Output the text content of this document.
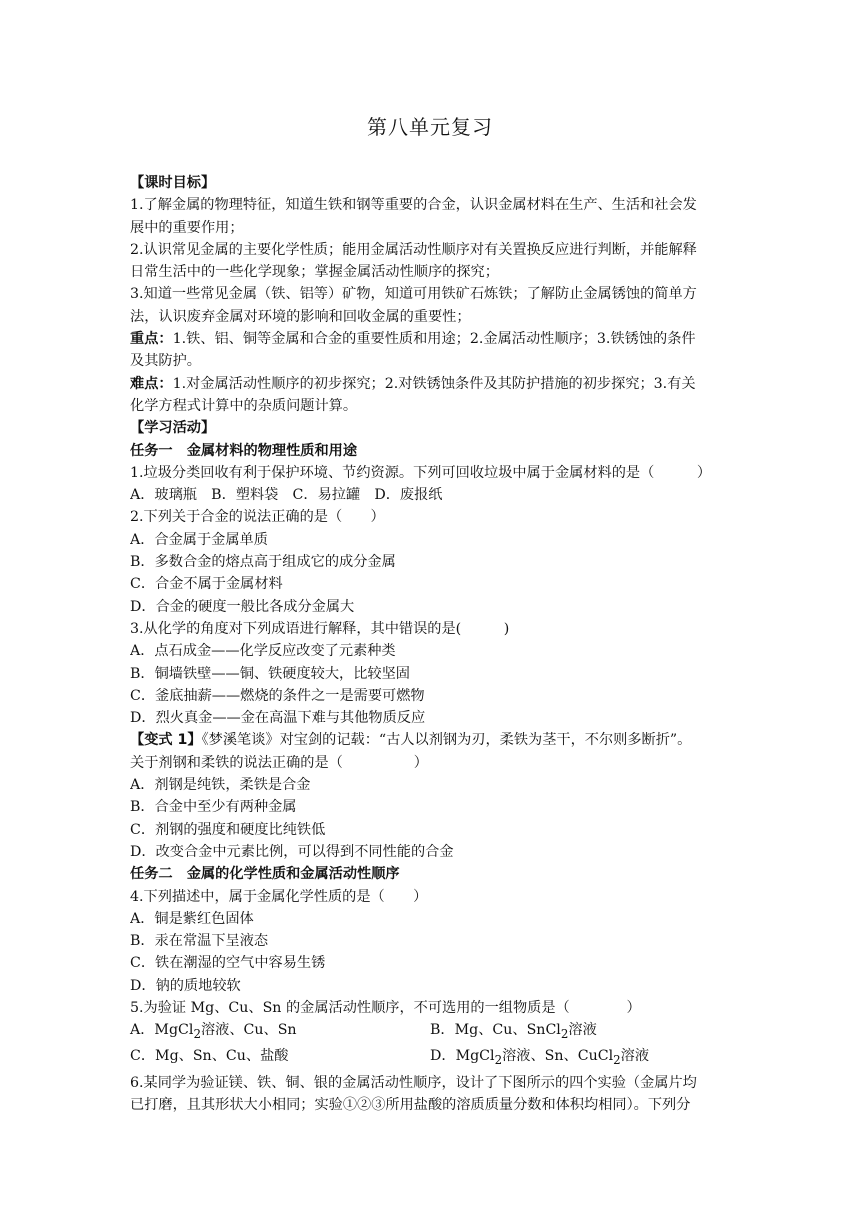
第八单元复习

【课时目标】

1.了解金属的物理特征，知道生铁和钢等重要的合金，认识金属材料在生产、生活和社会发

展中的重要作用；

2.认识常见金属的主要化学性质；能用金属活动性顺序对有关置换反应进行判断，并能解释

日常生活中的一些化学现象；掌握金属活动性顺序的探究；

3.知道一些常见金属（铁、铝等）矿物，知道可用铁矿石炼铁；了解防止金属锈蚀的简单方

法，认识废弃金属对环境的影响和回收金属的重要性；

重点：1.铁、铝、铜等金属和合金的重要性质和用途；2.金属活动性顺序；3.铁锈蚀的条件

及其防护。

难点：1.对金属活动性顺序的初步探究；2.对铁锈蚀条件及其防护措施的初步探究；3.有关

化学方程式计算中的杂质问题计算。

【学习活动】

任务一　金属材料的物理性质和用途

1.垃圾分类回收有利于保护环境、节约资源。下列可回收垃圾中属于金属材料的是（　　　）

A．玻璃瓶　B．塑料袋　C．易拉罐　D．废报纸

2.下列关于合金的说法正确的是（　　）

A．合金属于金属单质

B．多数合金的熔点高于组成它的成分金属

C．合金不属于金属材料

D．合金的硬度一般比各成分金属大

3.从化学的角度对下列成语进行解释，其中错误的是(　　　)

A．点石成金——化学反应改变了元素种类

B．铜墙铁壁——铜、铁硬度较大，比较坚固

C．釜底抽薪——燃烧的条件之一是需要可燃物

D．烈火真金——金在高温下难与其他物质反应

【变式 1】《梦溪笔谈》对宝剑的记载：“古人以剂钢为刃，柔铁为茎干，不尔则多断折”。

关于剂钢和柔铁的说法正确的是（　　　　　）

A．剂钢是纯铁，柔铁是合金

B．合金中至少有两种金属

C．剂钢的强度和硬度比纯铁低

D．改变合金中元素比例，可以得到不同性能的合金

任务二　金属的化学性质和金属活动性顺序

4.下列描述中，属于金属化学性质的是（　　）

A．铜是紫红色固体

B．汞在常温下呈液态

C．铁在潮湿的空气中容易生锈

D．钠的质地较软

5.为验证 Mg、Cu、Sn 的金属活动性顺序，不可选用的一组物质是（　　　　）

A．MgCl$_2$溶液、Cu、Sn	B．Mg、Cu、SnCl$_2$溶液
C．Mg、Sn、Cu、盐酸	D．MgCl$_2$溶液、Sn、CuCl$_2$溶液

6.某同学为验证镁、铁、铜、银的金属活动性顺序，设计了下图所示的四个实验（金属片均

已打磨，且其形状大小相同；实验①②③所用盐酸的溶质质量分数和体积均相同）。下列分
